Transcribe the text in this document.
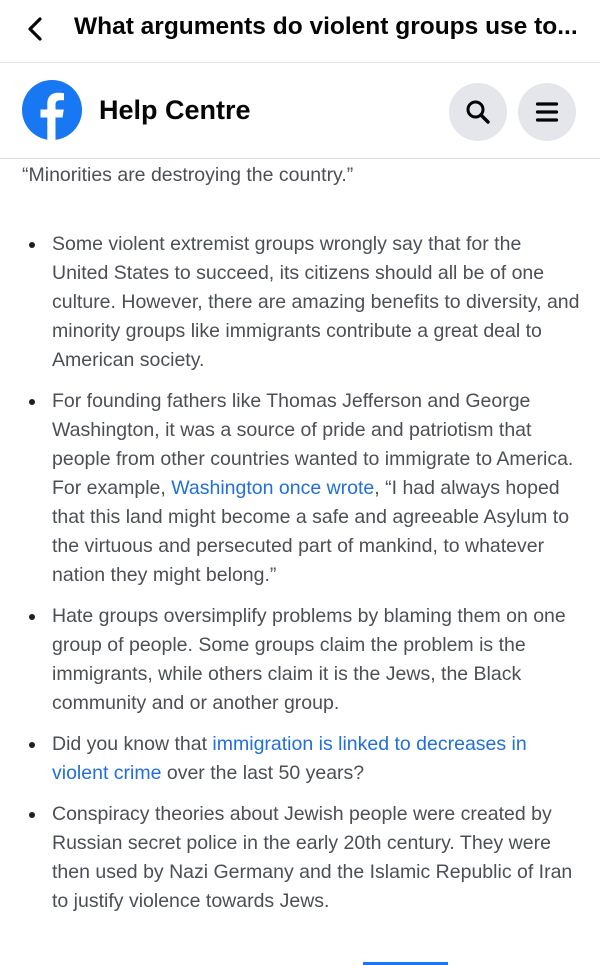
What arguments do violent groups use to...
Help Centre

“Minorities are destroying the country.”

Some violent extremist groups wrongly say that for the United States to succeed, its citizens should all be of one culture. However, there are amazing benefits to diversity, and minority groups like immigrants contribute a great deal to American society.
For founding fathers like Thomas Jefferson and George Washington, it was a source of pride and patriotism that people from other countries wanted to immigrate to America. For example, Washington once wrote, “I had always hoped that this land might become a safe and agreeable Asylum to the virtuous and persecuted part of mankind, to whatever nation they might belong.”
Hate groups oversimplify problems by blaming them on one group of people. Some groups claim the problem is the immigrants, while others claim it is the Jews, the Black community and or another group.
Did you know that immigration is linked to decreases in violent crime over the last 50 years?
Conspiracy theories about Jewish people were created by Russian secret police in the early 20th century. They were then used by Nazi Germany and the Islamic Republic of Iran to justify violence towards Jews.
